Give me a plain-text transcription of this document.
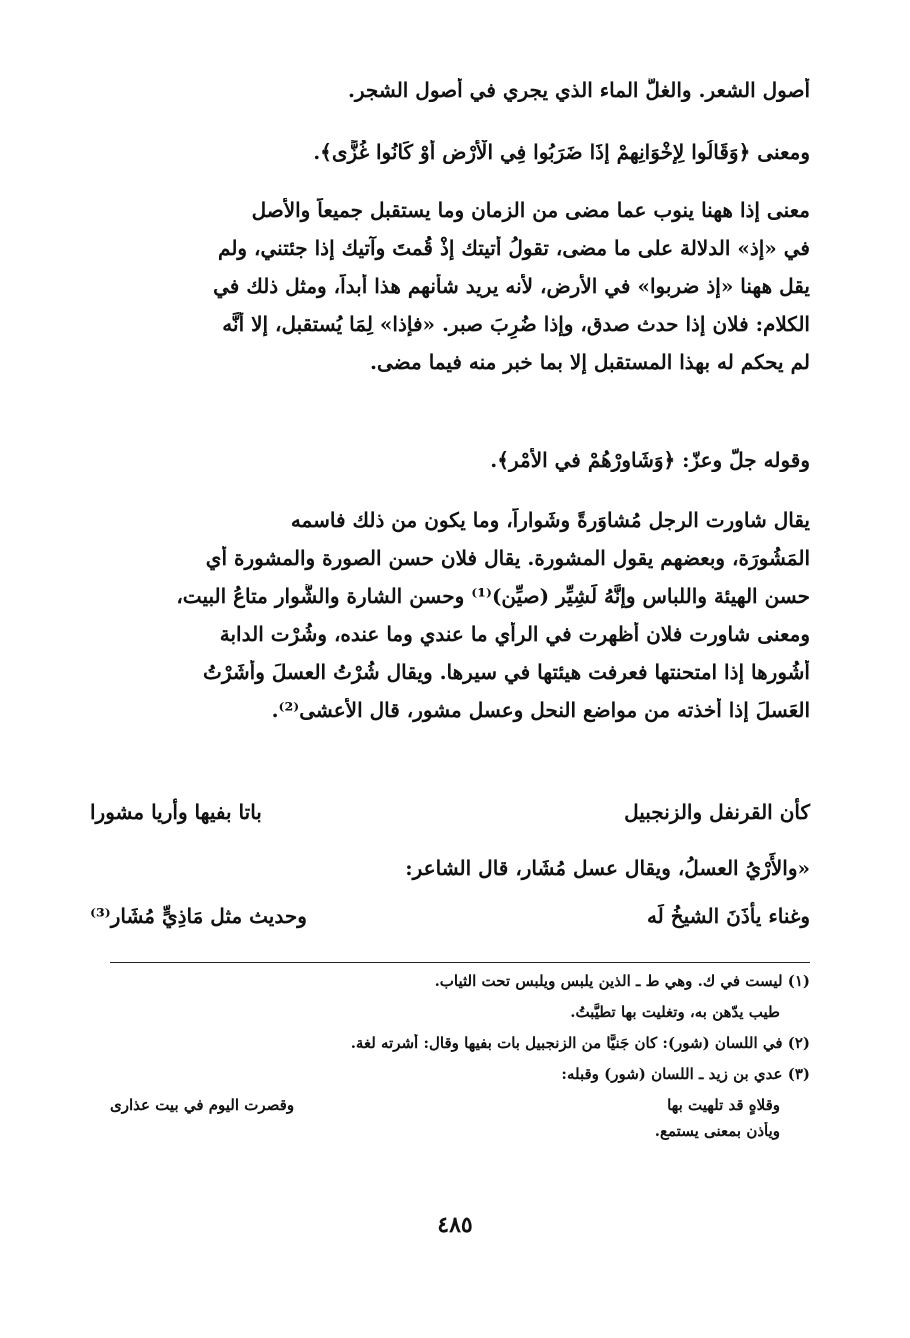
أُصول الشعر. والغلُّ الماء الذي يجري في أُصول الشجر.
ومعنى ﴿وَقَالُوا لِإِخْوَانِهِمْ إِذَا ضَرَبُوا فِي الْأَرْضِ أَوْ كَانُوا غُزًّى﴾.
معنى إذا ههنا ينوب عما مضى من الزمان وما يستقبل جميعاً والأصل
في «إذ» الدلالة على ما مضى، تقولُ أتيتك إذْ قُمتَ وآتيك إذا جئتني، ولم
يقل ههنا «إذ ضربوا» في الأرض، لأنه يريد شأنهم هذا أبداً، ومثل ذلك في
الكلام: فلان إذا حدث صدق، وإذا ضُرِبَ صبر. «فإذا» لِمَا يُستقبل، إلا أنَّه
لم يحكم له بهذا المستقبل إلا بما خبر منه فيما مضى.
وقوله جلّ وعزّ: ﴿وَشَاوِرْهُمْ في الأَمْرِ﴾.
يقال شاورت الرجل مُشاوَرةً وشَواراً، وما يكون من ذلك فاسمه
المَشُورَة، وبعضهم يقول المشورة. يقال فلان حسن الصورة والمشورة أي
حسن الهيئة واللباس وإنَّهُ لَشِيِّر (صيِّن)⁽¹⁾ وحسن الشارة والشُّوار متاعُ البيت،
ومعنى شاورت فلان أظهرت في الرأي ما عندي وما عنده، وشُرْت الدابة
أشُورها إذا امتحنتها فعرفت هيئتها في سيرها. ويقال شُرْتُ العسلَ وأَشَرْتُ
العَسلَ إذا أخذته من مواضع النحل وعسل مشور، قال الأعشى⁽²⁾.
كأن القرنفل والزنجبيل
باتا بفيها وأريا مشورا
«والأَرْيُ العسلُ، ويقال عسل مُشَار، قال الشاعر:
وغناء يأذَنَ الشيخُ لَه
وحديث مثل مَاذِيٍّ مُشَار⁽³⁾
(١) ليست في ك. وهي ط ـ الذين يلبس ويلبس تحت الثياب.
طيب يدّهن به، وتغليت بها تطيَّبتُ.
(٢) في اللسان (شور): كان جَنيًّا من الزنجبيل بات بفيها وقال: أشرته لغة.
(٣) عدي بن زيد ـ اللسان (شور) وقبله:
وقلاهٍ قد تلهيت بها
وقصرت اليوم في بيت عذارى
ويأذن بمعنى يستمع.
٤٨٥
